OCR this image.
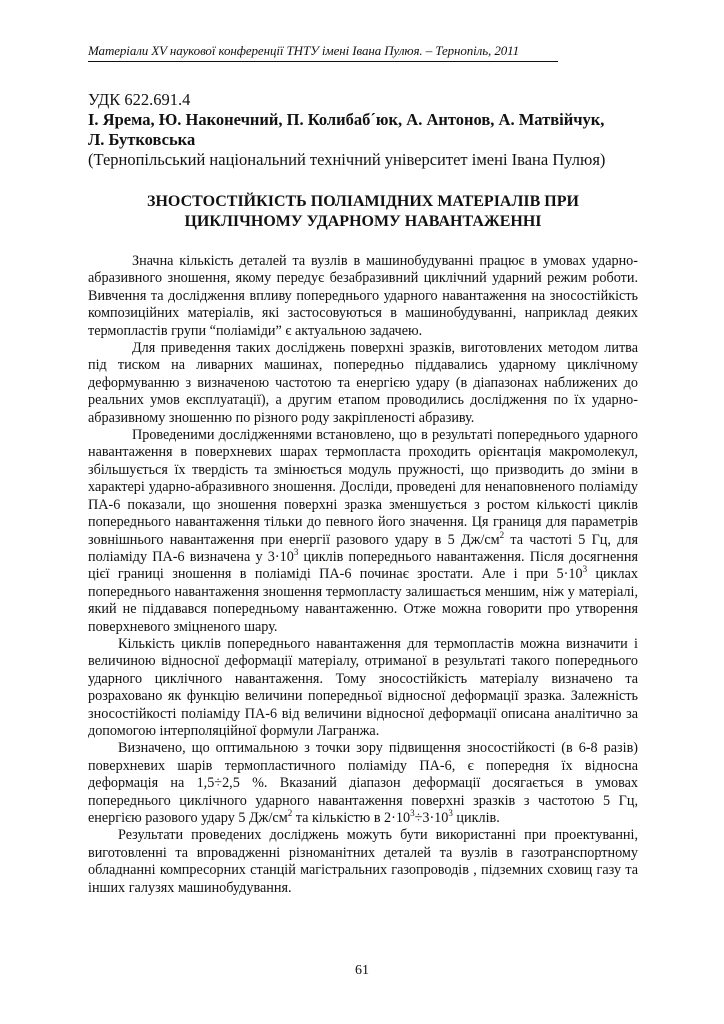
Матеріали XV наукової конференції ТНТУ імені Івана Пулюя. – Тернопіль, 2011
УДК 622.691.4
І. Ярема, Ю. Наконечний, П. Колибаб´юк, А. Антонов, А. Матвійчук,
Л. Бутковська
(Тернопільський національний технічний університет імені Івана Пулюя)
ЗНОСТОСТІЙКІСТЬ ПОЛІАМІДНИХ МАТЕРІАЛІВ ПРИ
ЦИКЛІЧНОМУ УДАРНОМУ НАВАНТАЖЕННІ

Значна кількість деталей та вузлів в машинобудуванні працює в умовах ударно-абразивного зношення, якому передує безабразивний циклічний ударний режим роботи. Вивчення та дослідження впливу попереднього ударного навантаження на зносостійкість композиційних матеріалів, які застосовуються в машинобудуванні, наприклад деяких термопластів групи “поліаміди” є актуальною задачею.

Для приведення таких досліджень поверхні зразків, виготовлених методом литва під тиском на ливарних машинах, попередньо піддавались ударному циклічному деформуванню з визначеною частотою та енергією удару (в діапазонах наближених до реальних умов експлуатації), а другим етапом проводились дослідження по їх ударно-абразивному зношенню по різного роду закріпленості абразиву.

Проведеними дослідженнями встановлено, що в результаті попереднього ударного навантаження в поверхневих шарах термопласта проходить орієнтація макромолекул, збільшується їх твердість та змінюється модуль пружності, що призводить до зміни в характері ударно-абразивного зношення. Досліди, проведені для ненаповненого поліаміду ПА-6 показали, що зношення поверхні зразка зменшується з ростом кількості циклів попереднього навантаження тільки до певного його значення. Ця границя для параметрів зовнішнього навантаження при енергії разового удару в 5 $Дж/см^2$ та частоті 5 Гц, для поліаміду ПА-6 визначена у $3\cdot 10^3$ циклів попереднього навантаження. Після досягнення цієї границі зношення в поліаміді ПА-6 починає зростати. Але і при $5\cdot 10^3$ циклах попереднього навантаження зношення термопласту залишається меншим, ніж у матеріалі, який не піддавався попередньому навантаженню. Отже можна говорити про утворення поверхневого зміцненого шару.

Кількість циклів попереднього навантаження для термопластів можна визначити і величиною відносної деформації матеріалу, отриманої в результаті такого попереднього ударного циклічного навантаження. Тому зносостійкість матеріалу визначено та розраховано як функцію величини попередньої відносної деформації зразка. Залежність зносостійкості поліаміду ПА-6 від величини відносної деформації описана аналітично за допомогою інтерполяційної формули Лагранжа.

Визначено, що оптимальною з точки зору підвищення зносостійкості (в 6-8 разів) поверхневих шарів термопластичного поліаміду ПА-6, є попередня їх відносна деформація на 1,5÷2,5 %. Вказаний діапазон деформації досягається в умовах попереднього циклічного ударного навантаження поверхні зразків з частотою 5 Гц, енергією разового удару 5 $Дж/см^2$ та кількістю в $2\cdot 10^3\div 3\cdot 10^3$ циклів.

Результати проведених досліджень можуть бути використанні при проектуванні, виготовленні та впровадженні різноманітних деталей та вузлів в газотранспортному обладнанні компресорних станцій магістральних газопроводів , підземних сховищ газу та інших галузях машинобудування.

61
